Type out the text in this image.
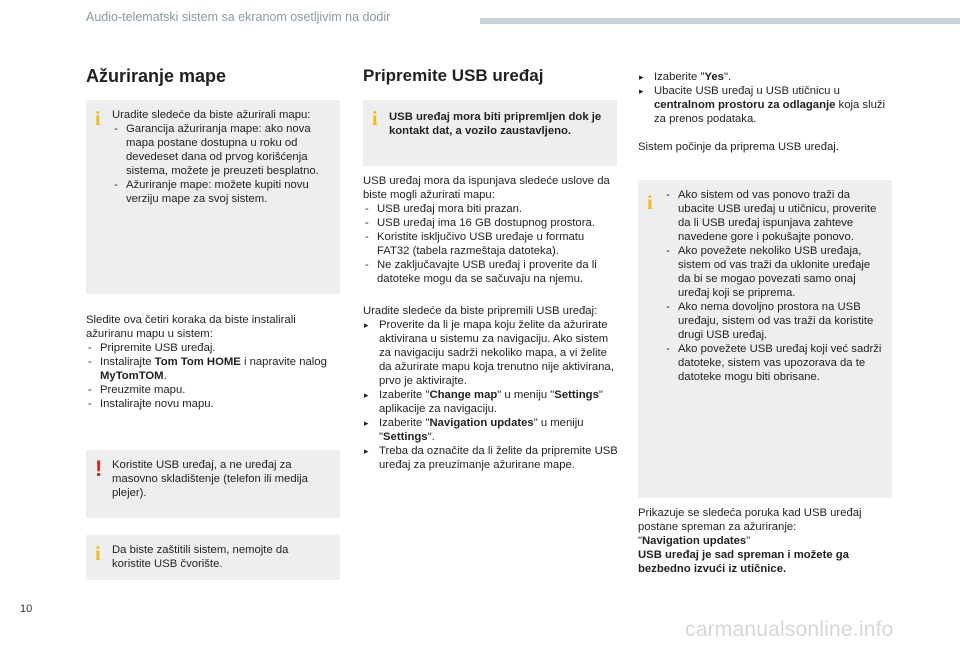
Audio-telematski sistem sa ekranom osetljivim na dodir
Ažuriranje mape
i Uradite sledeće da biste ažurirali mapu:

- Garancija ažuriranja mape: ako nova mapa postane dostupna u roku od devedeset dana od prvog korišćenja sistema, možete je preuzeti besplatno.

- Ažuriranje mape: možete kupiti novu verziju mape za svoj sistem.

Sledite ova četiri koraka da biste instalirali ažuriranu mapu u sistem:

- Pripremite USB uređaj.

- Instalirajte Tom Tom HOME i napravite nalog MyTomTOM.

- Preuzmite mapu.

- Instalirajte novu mapu.

! Koristite USB uređaj, a ne uređaj za masovno skladištenje (telefon ili medija plejer).

i Da biste zaštitili sistem, nemojte da koristite USB čvorište.

Pripremite USB uređaj
i USB uređaj mora biti pripremljen dok je kontakt dat, a vozilo zaustavljeno.

USB uređaj mora da ispunjava sledeće uslove da biste mogli ažurirati mapu:

- USB uređaj mora biti prazan.

- USB uređaj ima 16 GB dostupnog prostora.

- Koristite isključivo USB uređaje u formatu FAT32 (tabela razmeštaja datoteka).

- Ne zaključavajte USB uređaj i proverite da li datoteke mogu da se sačuvaju na njemu.

Uradite sledeće da biste pripremili USB uređaj:

▸ Proverite da li je mapa koju želite da ažurirate aktivirana u sistemu za navigaciju. Ako sistem za navigaciju sadrži nekoliko mapa, a vi želite da ažurirate mapu koja trenutno nije aktivirana, prvo je aktivirajte.

▸ Izaberite "Change map" u meniju "Settings" aplikacije za navigaciju.

▸ Izaberite "Navigation updates" u meniju "Settings".

▸ Treba da označite da li želite da pripremite USB uređaj za preuzimanje ažurirane mape.

▸ Izaberite "Yes".

▸ Ubacite USB uređaj u USB utičnicu u centralnom prostoru za odlaganje koja služi za prenos podataka.

Sistem počinje da priprema USB uređaj.

i

-	Ako sistem od vas ponovo traži da ubacite USB uređaj u utičnicu, proverite da li USB uređaj ispunjava zahteve navedene gore i pokušajte ponovo.

- Ako povežete nekoliko USB uređaja, sistem od vas traži da uklonite uređaje da bi se mogao povezati samo onaj uređaj koji se priprema.

- Ako nema dovoljno prostora na USB uređaju, sistem od vas traži da koristite drugi USB uređaj.

- Ako povežete USB uređaj koji već sadrži datoteke, sistem vas upozorava da te datoteke mogu biti obrisane.

Prikazuje se sledeća poruka kad USB uređaj postane spreman za ažuriranje:

"Navigation updates"

USB uređaj je sad spreman i možete ga bezbedno izvući iz utičnice.

10
carmanualsonline.info
